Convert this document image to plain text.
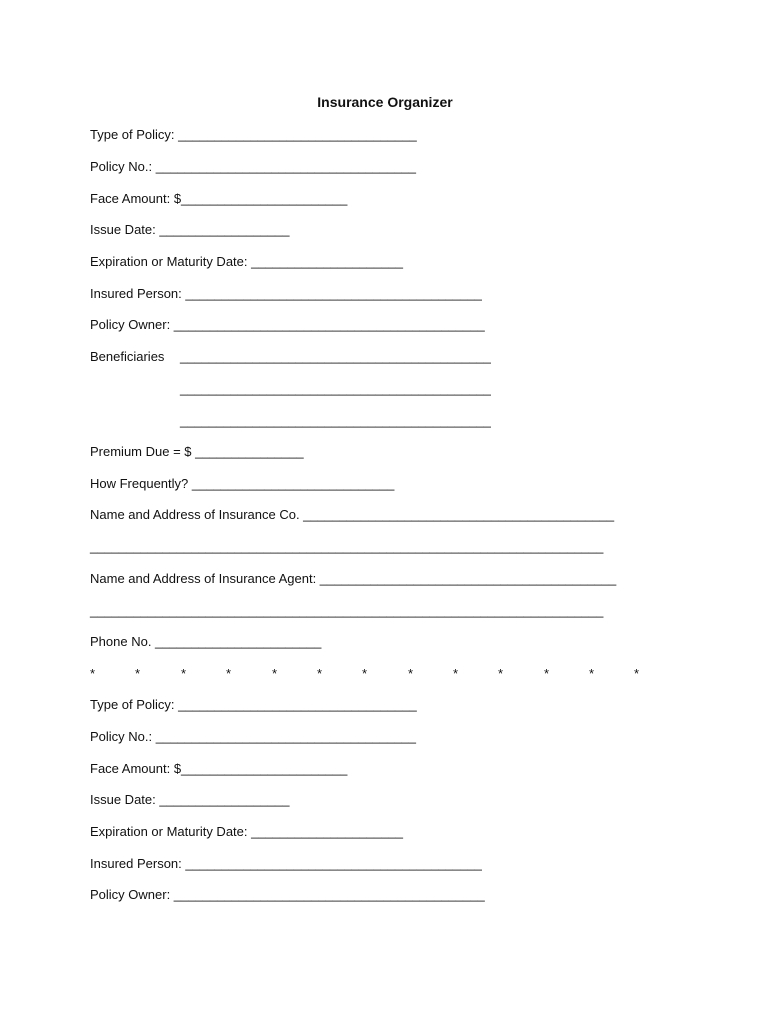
Insurance Organizer
Type of Policy: _________________________________
Policy No.: ____________________________________
Face Amount: $_______________________
Issue Date: __________________
Expiration or Maturity Date: _____________________
Insured Person: _________________________________________
Policy Owner: ___________________________________________
Beneficiaries ___________________________________________
___________________________________________
___________________________________________
Premium Due = $ _______________
How Frequently? ____________________________
Name and Address of Insurance Co. ___________________________________________
_______________________________________________________________________
Name and Address of Insurance Agent: _________________________________________
_______________________________________________________________________
Phone No. _______________________
*	*	*	*	*	*	*	*	*	*	*	*	*
Type of Policy: _________________________________
Policy No.: ____________________________________
Face Amount: $_______________________
Issue Date: __________________
Expiration or Maturity Date: _____________________
Insured Person: _________________________________________
Policy Owner: ___________________________________________
